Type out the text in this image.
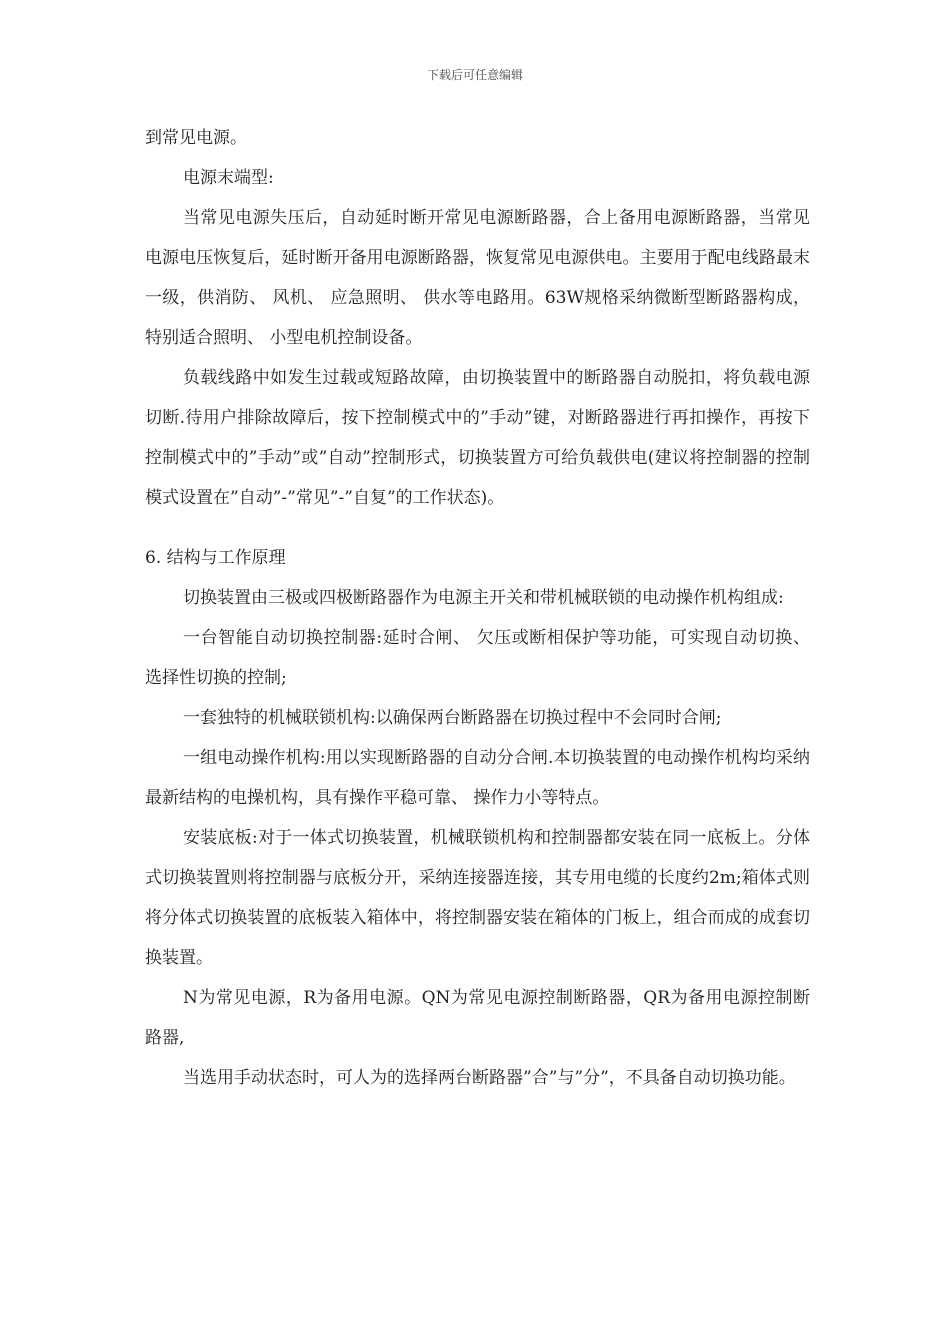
下载后可任意编辑

到常见电源。

电源末端型:

当常见电源失压后，自动延时断开常见电源断路器，合上备用电源断路器，当常见电源电压恢复后，延时断开备用电源断路器，恢复常见电源供电。主要用于配电线路最末一级，供消防、 风机、 应急照明、 供水等电路用。63W规格采纳微断型断路器构成，特别适合照明、 小型电机控制设备。

负载线路中如发生过载或短路故障，由切换装置中的断路器自动脱扣，将负载电源切断.待用户排除故障后，按下控制模式中的”手动”键，对断路器进行再扣操作，再按下控制模式中的”手动”或”自动”控制形式，切换装置方可给负载供电(建议将控制器的控制模式设置在”自动”-”常见”-”自复”的工作状态)。

6. 结构与工作原理

切换装置由三极或四极断路器作为电源主开关和带机械联锁的电动操作机构组成:

一台智能自动切换控制器:延时合闸、 欠压或断相保护等功能，可实现自动切换、 选择性切换的控制;

一套独特的机械联锁机构:以确保两台断路器在切换过程中不会同时合闸;

一组电动操作机构:用以实现断路器的自动分合闸.本切换装置的电动操作机构均采纳最新结构的电操机构，具有操作平稳可靠、 操作力小等特点。

安装底板:对于一体式切换装置，机械联锁机构和控制器都安装在同一底板上。分体式切换装置则将控制器与底板分开，采纳连接器连接，其专用电缆的长度约2m;箱体式则将分体式切换装置的底板装入箱体中，将控制器安装在箱体的门板上，组合而成的成套切换装置。

N为常见电源，R为备用电源。QN为常见电源控制断路器，QR为备用电源控制断路器,

当选用手动状态时，可人为的选择两台断路器”合”与”分”，不具备自动切换功能。
